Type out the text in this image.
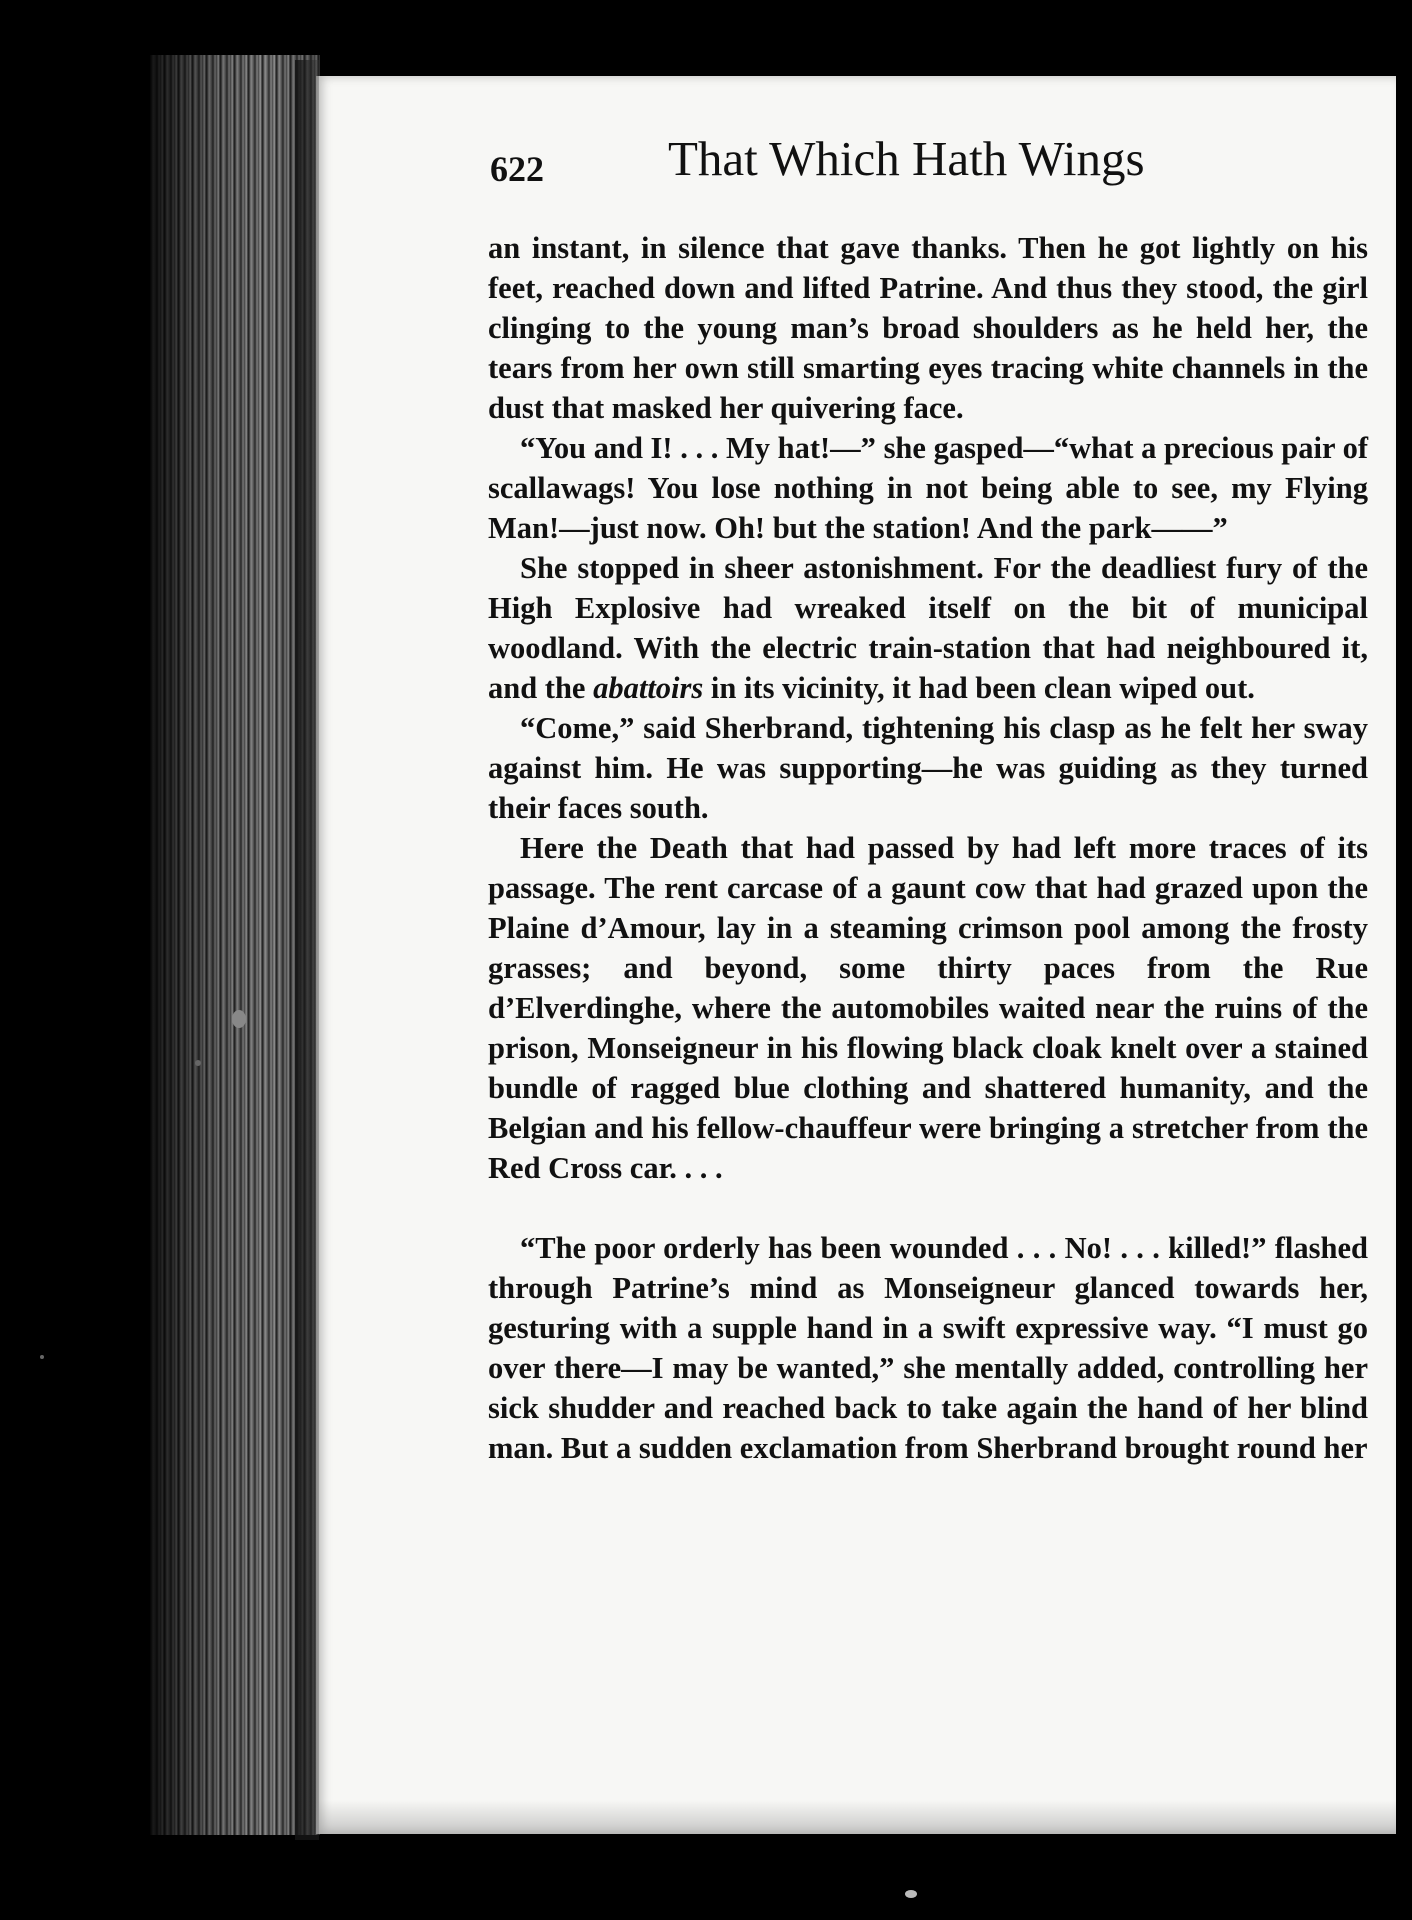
622	That Which Hath Wings

an instant, in silence that gave thanks. Then he got lightly on his feet, reached down and lifted Patrine. And thus they stood, the girl clinging to the young man’s broad shoulders as he held her, the tears from her own still smarting eyes tracing white channels in the dust that masked her quivering face.

“You and I! . . . My hat!—” she gasped—“what a precious pair of scallawags! You lose nothing in not being able to see, my Flying Man!—just now. Oh! but the station! And the park——”

She stopped in sheer astonishment. For the deadliest fury of the High Explosive had wreaked itself on the bit of municipal woodland. With the electric train-station that had neighboured it, and the abattoirs in its vicinity, it had been clean wiped out.

“Come,” said Sherbrand, tightening his clasp as he felt her sway against him. He was supporting—he was guiding as they turned their faces south.

Here the Death that had passed by had left more traces of its passage. The rent carcase of a gaunt cow that had grazed upon the Plaine d’Amour, lay in a steaming crimson pool among the frosty grasses; and beyond, some thirty paces from the Rue d’Elverdinghe, where the automobiles waited near the ruins of the prison, Monseigneur in his flowing black cloak knelt over a stained bundle of ragged blue clothing and shattered humanity, and the Belgian and his fellow-chauffeur were bringing a stretcher from the Red Cross car. . . .

“The poor orderly has been wounded . . . No! . . . killed!” flashed through Patrine’s mind as Monseigneur glanced towards her, gesturing with a supple hand in a swift expressive way. “I must go over there—I may be wanted,” she mentally added, controlling her sick shudder and reached back to take again the hand of her blind man. But a sudden exclamation from Sherbrand brought round her
